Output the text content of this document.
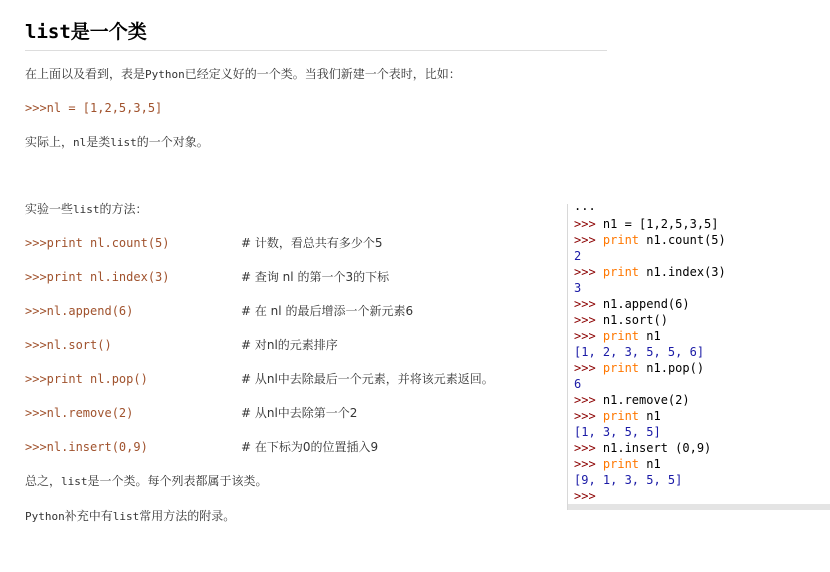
list是一个类
在上面以及看到，表是Python已经定义好的一个类。当我们新建一个表时，比如：
>>>nl = [1,2,5,3,5]
实际上，nl是类list的一个对象。
实验一些list的方法：
>>>print nl.count(5)	# 计数，看总共有多少个5
>>>print nl.index(3)	# 查询 nl 的第一个3的下标
>>>nl.append(6)	# 在 nl 的最后增添一个新元素6
>>>nl.sort()	# 对nl的元素排序
>>>print nl.pop()	# 从nl中去除最后一个元素，并将该元素返回。
>>>nl.remove(2)	# 从nl中去除第一个2
>>>nl.insert(0,9)	# 在下标为0的位置插入9
总之，list是一个类。每个列表都属于该类。
Python补充中有list常用方法的附录。
...
>>> n1 = [1,2,5,3,5]
>>> print n1.count(5)
2
>>> print n1.index(3)
3
>>> n1.append(6)
>>> n1.sort()
>>> print n1
[1, 2, 3, 5, 5, 6]
>>> print n1.pop()
6
>>> n1.remove(2)
>>> print n1
[1, 3, 5, 5]
>>> n1.insert (0,9)
>>> print n1
[9, 1, 3, 5, 5]
>>>
